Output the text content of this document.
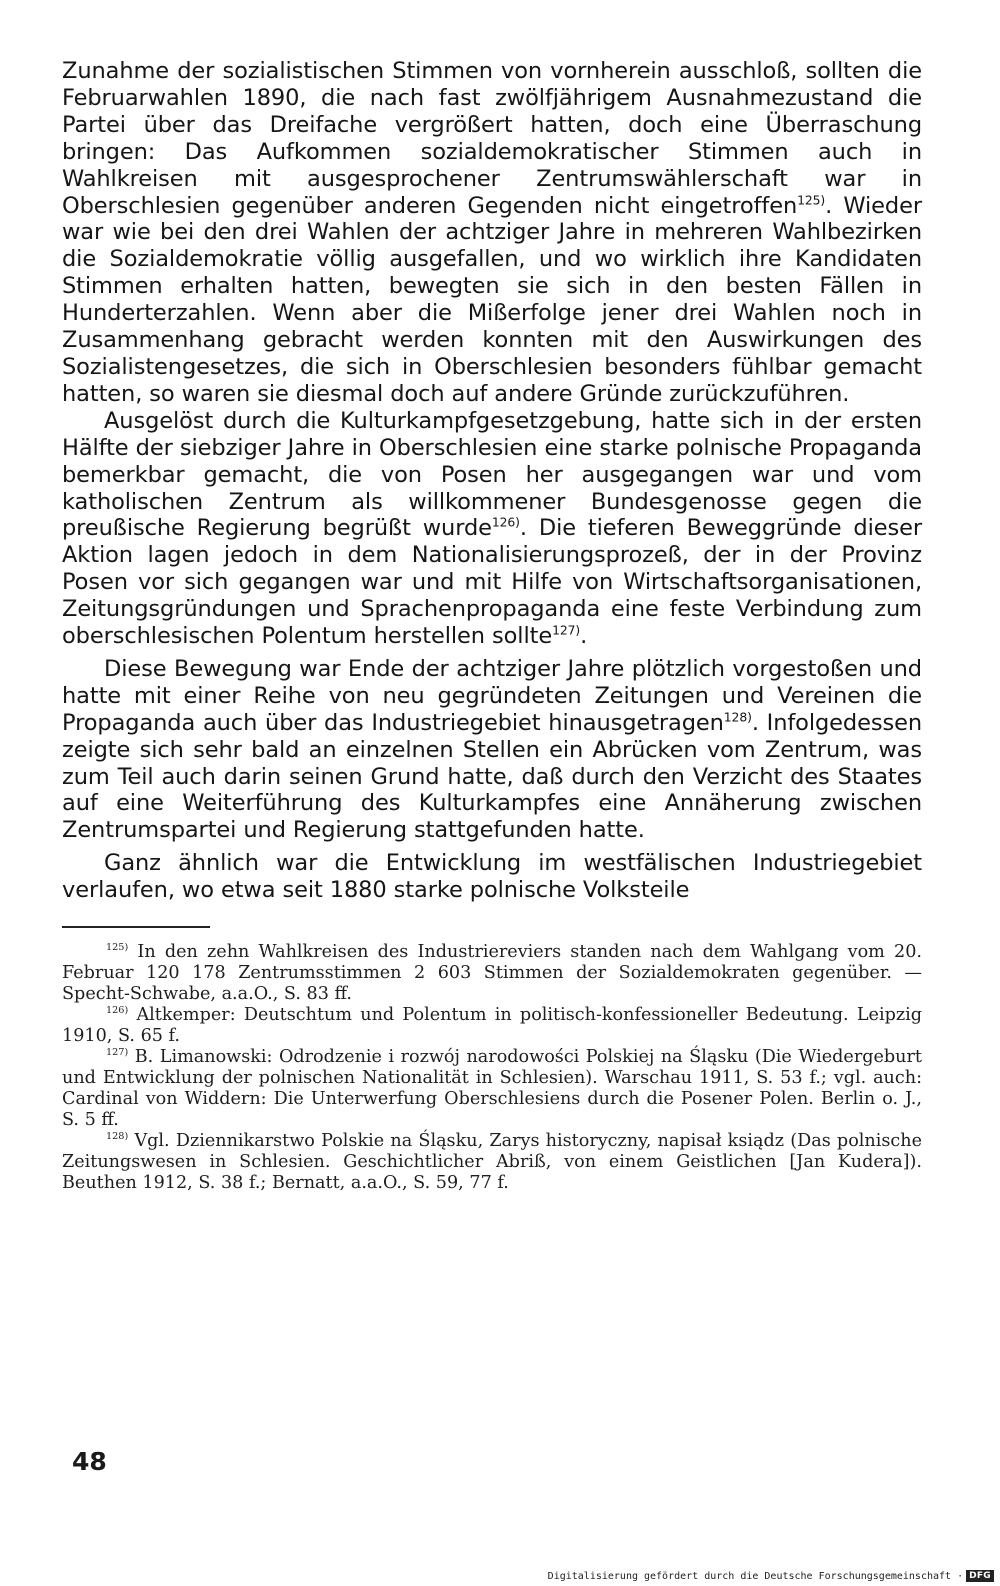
Zunahme der sozialistischen Stimmen von vornherein ausschloß, sollten die Februarwahlen 1890, die nach fast zwölfjährigem Ausnahmezustand die Partei über das Dreifache vergrößert hatten, doch eine Überraschung bringen: Das Aufkommen sozialdemokratischer Stimmen auch in Wahlkreisen mit ausgesprochener Zentrumswählerschaft war in Oberschlesien gegenüber anderen Gegenden nicht eingetroffen$^{125)}$. Wieder war wie bei den drei Wahlen der achtziger Jahre in mehreren Wahlbezirken die Sozialdemokratie völlig ausgefallen, und wo wirklich ihre Kandidaten Stimmen erhalten hatten, bewegten sie sich in den besten Fällen in Hunderterzahlen. Wenn aber die Mißerfolge jener drei Wahlen noch in Zusammenhang gebracht werden konnten mit den Auswirkungen des Sozialistengesetzes, die sich in Oberschlesien besonders fühlbar gemacht hatten, so waren sie diesmal doch auf andere Gründe zurückzuführen.

Ausgelöst durch die Kulturkampfgesetzgebung, hatte sich in der ersten Hälfte der siebziger Jahre in Oberschlesien eine starke polnische Propaganda bemerkbar gemacht, die von Posen her ausgegangen war und vom katholischen Zentrum als willkommener Bundesgenosse gegen die preußische Regierung begrüßt wurde$^{126)}$. Die tieferen Beweggründe dieser Aktion lagen jedoch in dem Nationalisierungsprozeß, der in der Provinz Posen vor sich gegangen war und mit Hilfe von Wirtschaftsorganisationen, Zeitungsgründungen und Sprachenpropaganda eine feste Verbindung zum oberschlesischen Polentum herstellen sollte$^{127)}$.

Diese Bewegung war Ende der achtziger Jahre plötzlich vorgestoßen und hatte mit einer Reihe von neu gegründeten Zeitungen und Vereinen die Propaganda auch über das Industriegebiet hinausgetragen$^{128)}$. Infolgedessen zeigte sich sehr bald an einzelnen Stellen ein Abrücken vom Zentrum, was zum Teil auch darin seinen Grund hatte, daß durch den Verzicht des Staates auf eine Weiterführung des Kulturkampfes eine Annäherung zwischen Zentrumspartei und Regierung stattgefunden hatte.

Ganz ähnlich war die Entwicklung im westfälischen Industriegebiet verlaufen, wo etwa seit 1880 starke polnische Volksteile

$^{125)}$ In den zehn Wahlkreisen des Industriereviers standen nach dem Wahlgang vom 20. Februar 120 178 Zentrumsstimmen 2 603 Stimmen der Sozialdemokraten gegenüber. — Specht-Schwabe, a.a.O., S. 83 ff.

$^{126)}$ Altkemper: Deutschtum und Polentum in politisch-konfessioneller Bedeutung. Leipzig 1910, S. 65 f.

$^{127)}$ B. Limanowski: Odrodzenie i rozwój narodowości Polskiej na Śląsku (Die Wiedergeburt und Entwicklung der polnischen Nationalität in Schlesien). Warschau 1911, S. 53 f.; vgl. auch: Cardinal von Widdern: Die Unterwerfung Oberschlesiens durch die Posener Polen. Berlin o. J., S. 5 ff.

$^{128)}$ Vgl. Dziennikarstwo Polskie na Śląsku, Zarys historyczny, napisał ksiądz (Das polnische Zeitungswesen in Schlesien. Geschichtlicher Abriß, von einem Geistlichen [Jan Kudera]). Beuthen 1912, S. 38 f.; Bernatt, a.a.O., S. 59, 77 f.

48
Digitalisierung gefördert durch die Deutsche Forschungsgemeinschaft · DFG
